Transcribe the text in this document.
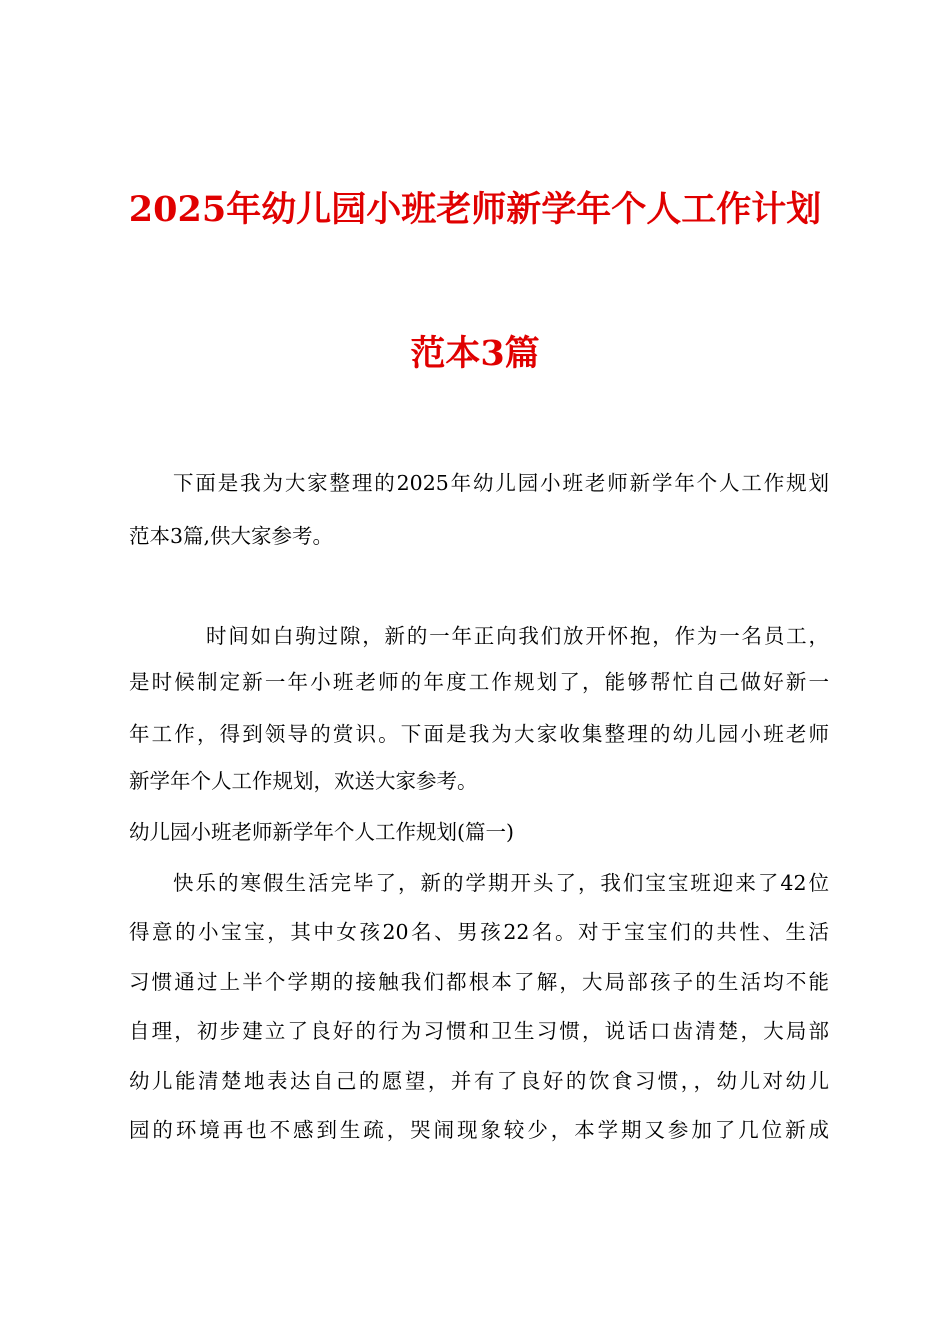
2025年幼儿园小班老师新学年个人工作计划
范本3篇
下面是我为大家整理的2025年幼儿园小班老师新学年个人工作规划
范本3篇,供大家参考。
时间如白驹过隙，新的一年正向我们放开怀抱，作为一名员工，
是时候制定新一年小班老师的年度工作规划了，能够帮忙自己做好新一
年工作，得到领导的赏识。下面是我为大家收集整理的幼儿园小班老师
新学年个人工作规划，欢送大家参考。
幼儿园小班老师新学年个人工作规划(篇一)
快乐的寒假生活完毕了，新的学期开头了，我们宝宝班迎来了42位
得意的小宝宝，其中女孩20名、男孩22名。对于宝宝们的共性、生活
习惯通过上半个学期的接触我们都根本了解，大局部孩子的生活均不能
自理，初步建立了良好的行为习惯和卫生习惯，说话口齿清楚，大局部
幼儿能清楚地表达自己的愿望，并有了良好的饮食习惯，，幼儿对幼儿
园的环境再也不感到生疏，哭闹现象较少，本学期又参加了几位新成
